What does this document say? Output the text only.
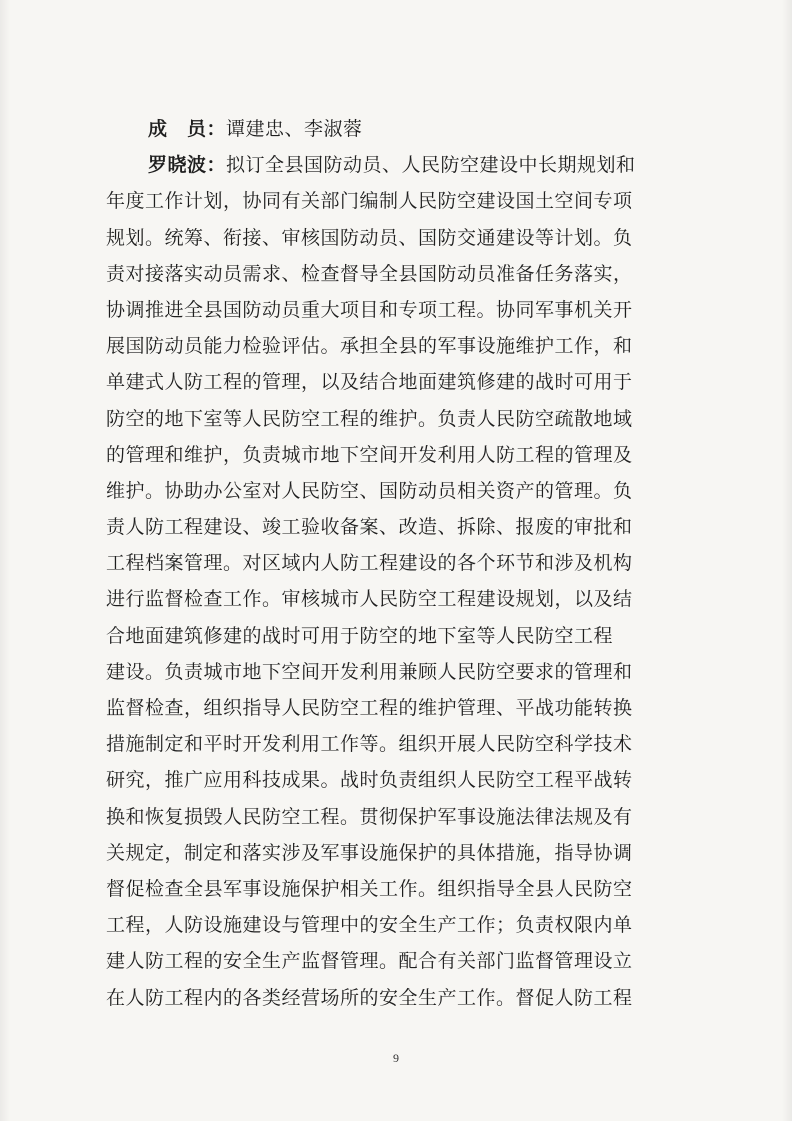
成　员：谭建忠、李淑蓉
罗晓波：拟订全县国防动员、人民防空建设中长期规划和
年度工作计划，协同有关部门编制人民防空建设国土空间专项
规划。统筹、衔接、审核国防动员、国防交通建设等计划。负
责对接落实动员需求、检查督导全县国防动员准备任务落实，
协调推进全县国防动员重大项目和专项工程。协同军事机关开
展国防动员能力检验评估。承担全县的军事设施维护工作，和
单建式人防工程的管理，以及结合地面建筑修建的战时可用于
防空的地下室等人民防空工程的维护。负责人民防空疏散地域
的管理和维护，负责城市地下空间开发利用人防工程的管理及
维护。协助办公室对人民防空、国防动员相关资产的管理。负
责人防工程建设、竣工验收备案、改造、拆除、报废的审批和
工程档案管理。对区域内人防工程建设的各个环节和涉及机构
进行监督检查工作。审核城市人民防空工程建设规划，以及结
合地面建筑修建的战时可用于防空的地下室等人民防空工程
建设。负责城市地下空间开发利用兼顾人民防空要求的管理和
监督检查，组织指导人民防空工程的维护管理、平战功能转换
措施制定和平时开发利用工作等。组织开展人民防空科学技术
研究，推广应用科技成果。战时负责组织人民防空工程平战转
换和恢复损毁人民防空工程。贯彻保护军事设施法律法规及有
关规定，制定和落实涉及军事设施保护的具体措施，指导协调
督促检查全县军事设施保护相关工作。组织指导全县人民防空
工程，人防设施建设与管理中的安全生产工作；负责权限内单
建人防工程的安全生产监督管理。配合有关部门监督管理设立
在人防工程内的各类经营场所的安全生产工作。督促人防工程
9
